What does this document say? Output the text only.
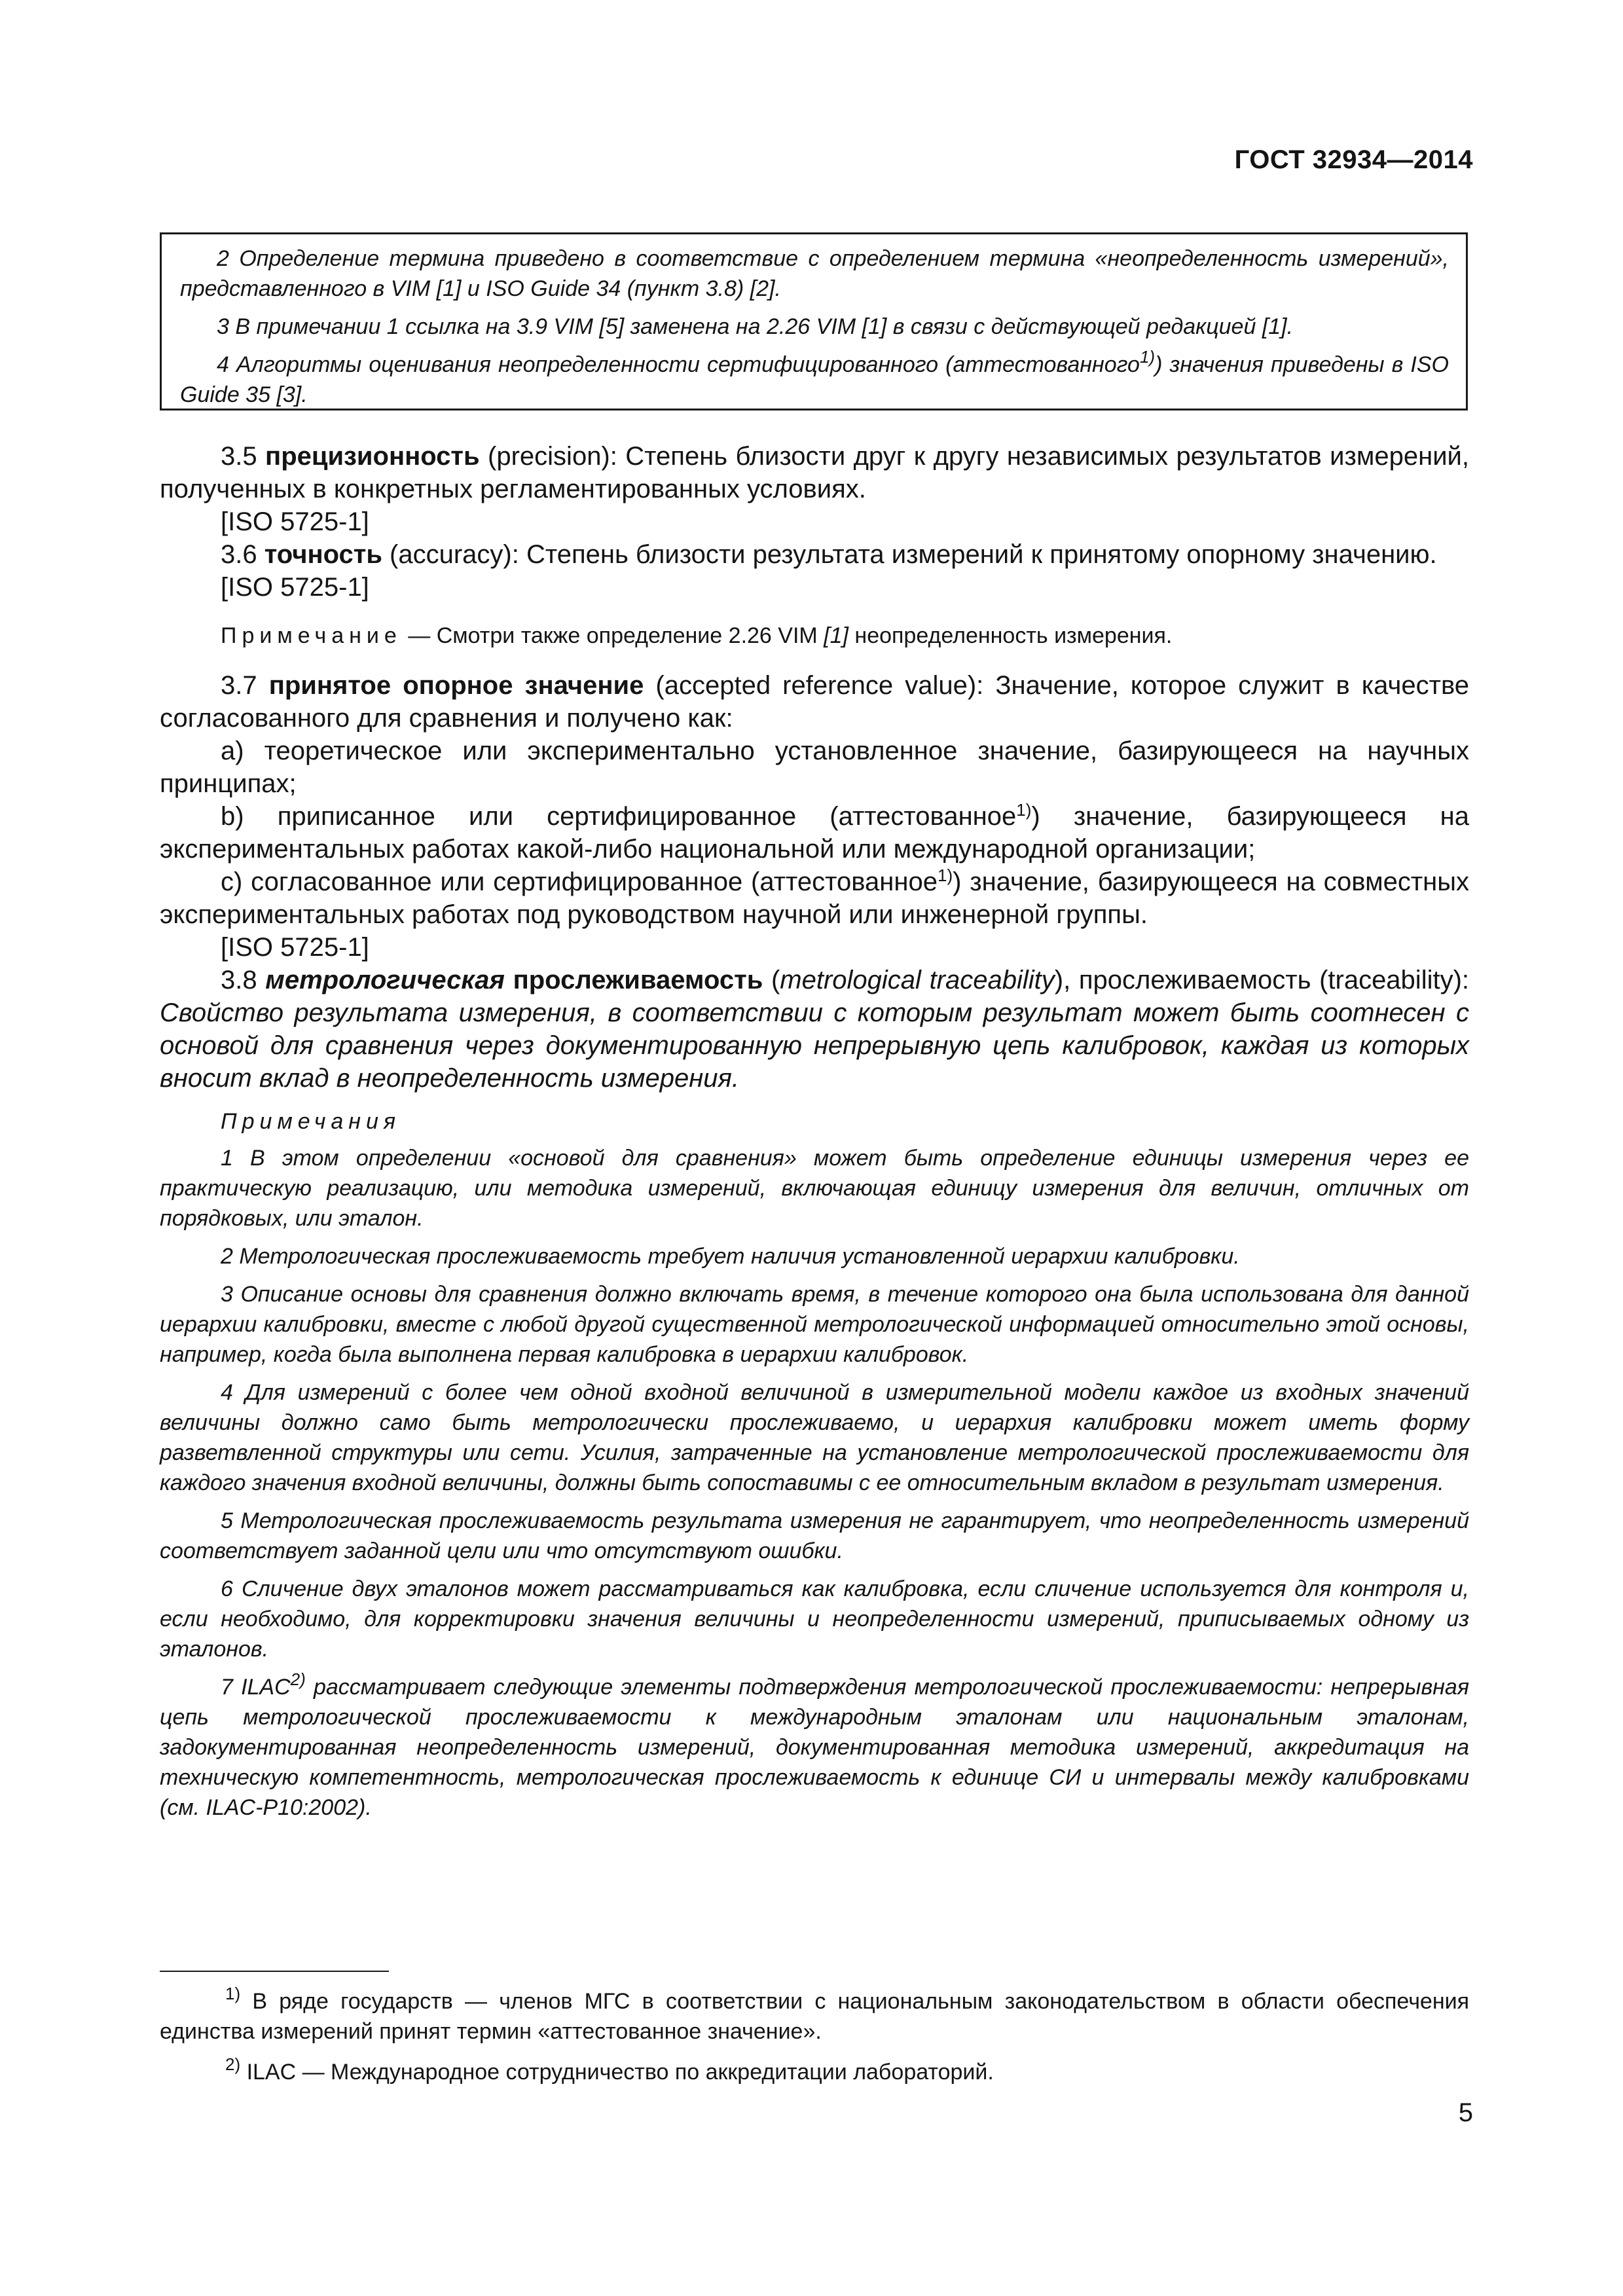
ГОСТ 32934—2014

2 Определение термина приведено в соответствие с определением термина «неопределенность измерений», представленного в VIM [1] и ISO Guide 34 (пункт 3.8) [2].

3 В примечании 1 ссылка на 3.9 VIM [5] заменена на 2.26 VIM [1] в связи с действующей редакцией [1].

4 Алгоритмы оценивания неопределенности сертифицированного (аттестованного$^{1)}$) значения приведены в ISO Guide 35 [3].

3.5 прецизионность (precision): Степень близости друг к другу независимых результатов измерений, полученных в конкретных регламентированных условиях.

[ISO 5725-1]

3.6 точность (accuracy): Степень близости результата измерений к принятому опорному значению.

[ISO 5725-1]

Примечание — Смотри также определение 2.26 VIM [1] неопределенность измерения.

3.7 принятое опорное значение (accepted reference value): Значение, которое служит в качестве согласованного для сравнения и получено как:

а) теоретическое или экспериментально установленное значение, базирующееся на научных принципах;

b) приписанное или сертифицированное (аттестованное$^{1)}$) значение, базирующееся на экспериментальных работах какой-либо национальной или международной организации;

с) согласованное или сертифицированное (аттестованное$^{1)}$) значение, базирующееся на совместных экспериментальных работах под руководством научной или инженерной группы.

[ISO 5725-1]

3.8 метрологическая прослеживаемость (metrological traceability), прослеживаемость (traceability): Свойство результата измерения, в соответствии с которым результат может быть соотнесен с основой для сравнения через документированную непрерывную цепь калибровок, каждая из которых вносит вклад в неопределенность измерения.

Примечания

1 В этом определении «основой для сравнения» может быть определение единицы измерения через ее практическую реализацию, или методика измерений, включающая единицу измерения для величин, отличных от порядковых, или эталон.

2 Метрологическая прослеживаемость требует наличия установленной иерархии калибровки.

3 Описание основы для сравнения должно включать время, в течение которого она была использована для данной иерархии калибровки, вместе с любой другой существенной метрологической информацией относительно этой основы, например, когда была выполнена первая калибровка в иерархии калибровок.

4 Для измерений с более чем одной входной величиной в измерительной модели каждое из входных значений величины должно само быть метрологически прослеживаемо, и иерархия калибровки может иметь форму разветвленной структуры или сети. Усилия, затраченные на установление метрологической прослеживаемости для каждого значения входной величины, должны быть сопоставимы с ее относительным вкладом в результат измерения.

5 Метрологическая прослеживаемость результата измерения не гарантирует, что неопределенность измерений соответствует заданной цели или что отсутствуют ошибки.

6 Сличение двух эталонов может рассматриваться как калибровка, если сличение используется для контроля и, если необходимо, для корректировки значения величины и неопределенности измерений, приписываемых одному из эталонов.

7 ILAC$^{2)}$ рассматривает следующие элементы подтверждения метрологической прослеживаемости: непрерывная цепь метрологической прослеживаемости к международным эталонам или национальным эталонам, задокументированная неопределенность измерений, документированная методика измерений, аккредитация на техническую компетентность, метрологическая прослеживаемость к единице СИ и интервалы между калибровками (см. ILAC-P10:2002).

$^{1)}$ В ряде государств — членов МГС в соответствии с национальным законодательством в области обеспечения единства измерений принят термин «аттестованное значение».

$^{2)}$ ILAC — Международное сотрудничество по аккредитации лабораторий.

5
